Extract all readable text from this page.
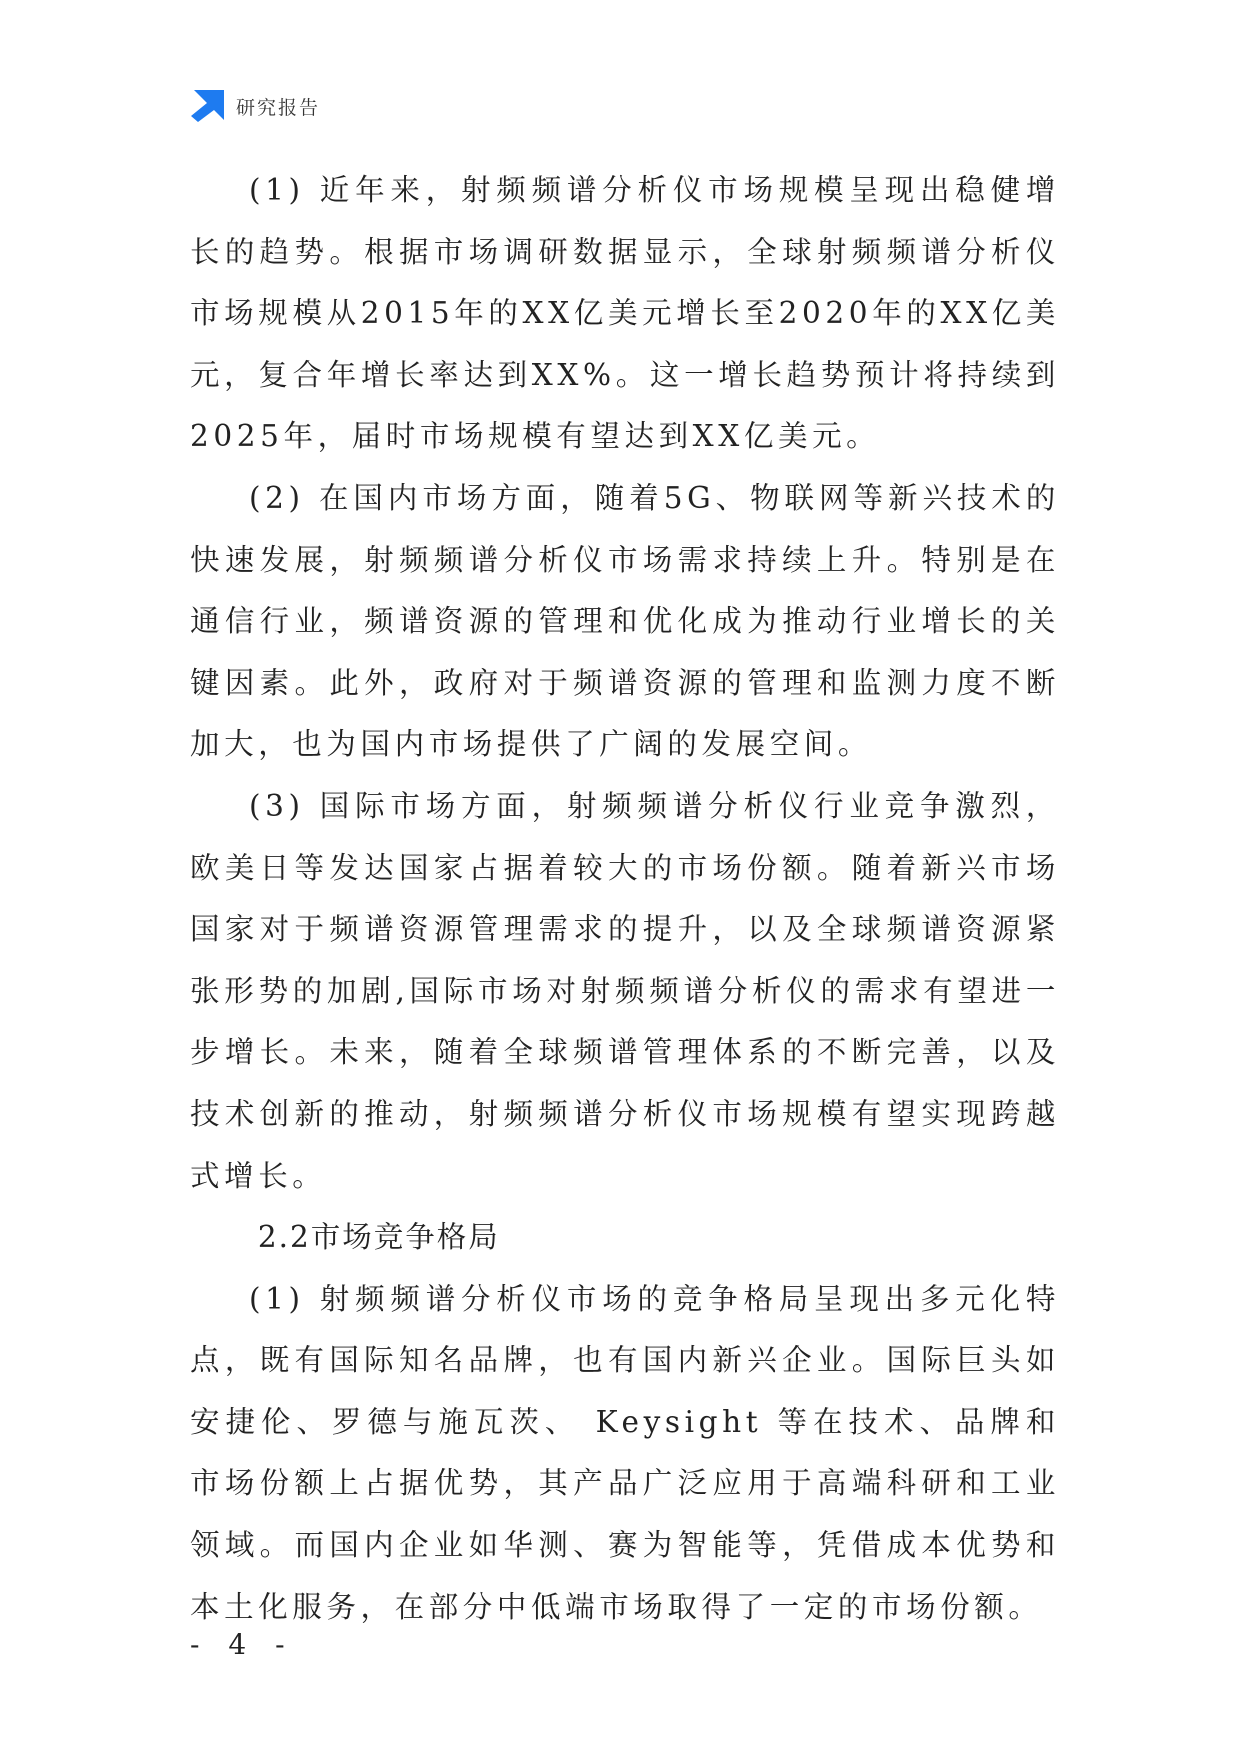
研究报告

(1) 近年来，射频频谱分析仪市场规模呈现出稳健增长的趋势。根据市场调研数据显示，全球射频频谱分析仪市场规模从2015年的XX亿美元增长至2020年的XX亿美元，复合年增长率达到XX%。这一增长趋势预计将持续到2025年，届时市场规模有望达到XX亿美元。

(2) 在国内市场方面，随着5G、物联网等新兴技术的快速发展，射频频谱分析仪市场需求持续上升。特别是在通信行业，频谱资源的管理和优化成为推动行业增长的关键因素。此外，政府对于频谱资源的管理和监测力度不断加大，也为国内市场提供了广阔的发展空间。

(3) 国际市场方面，射频频谱分析仪行业竞争激烈，欧美日等发达国家占据着较大的市场份额。随着新兴市场国家对于频谱资源管理需求的提升，以及全球频谱资源紧张形势的加剧,国际市场对射频频谱分析仪的需求有望进一步增长。未来，随着全球频谱管理体系的不断完善，以及技术创新的推动，射频频谱分析仪市场规模有望实现跨越式增长。

2.2市场竞争格局

(1) 射频频谱分析仪市场的竞争格局呈现出多元化特点，既有国际知名品牌，也有国内新兴企业。国际巨头如安捷伦、罗德与施瓦茨、 Keysight 等在技术、品牌和市场份额上占据优势，其产品广泛应用于高端科研和工业领域。而国内企业如华测、赛为智能等，凭借成本优势和本土化服务，在部分中低端市场取得了一定的市场份额。

- 4 -
